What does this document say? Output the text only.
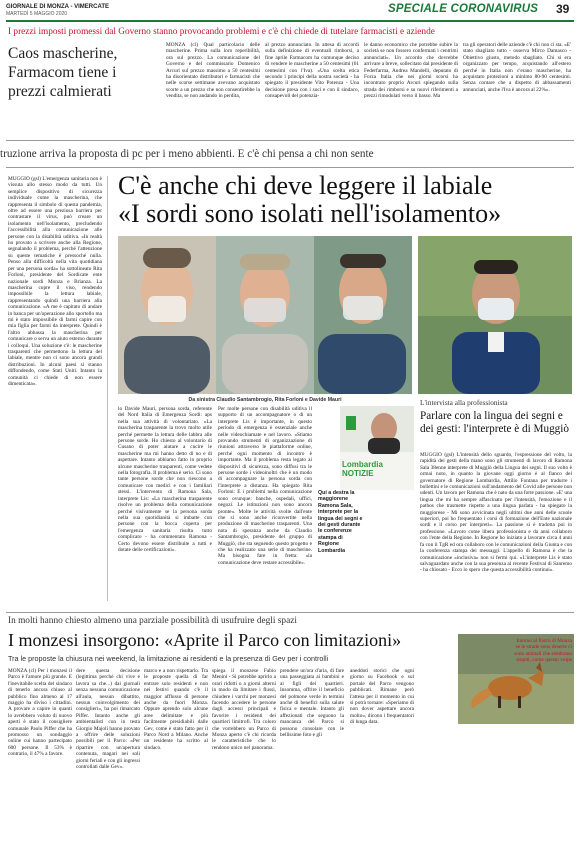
GIORNALE DI MONZA - VIMERCATE
MARTEDÌ 5 MAGGIO 2020	SPECIALE CORONAVIRUS 39
I prezzi imposti promessi dal Governo stanno provocando problemi e c'è chi chiede di tutelare farmacisti e aziende
Caos mascherine, Farmacom tiene i prezzi calmierati
MONZA (cl) Qual particolacio delle mascherine. Prima sulla loro reperibilità, ora sul prezzo. La comunicazione del Governo e del commissario Domenico Arcuri sul prezzo massimo a 50 centesimi ha disorientato distributori e farmacisti che nelle scorse settimane avevano acquistato scorte a un prezzo che non consentirebbe la vendita, se non andando in perdita,
al prezzo annunciato. In attesa di accordi sulla definizione di eventuali rimborsi, a fine aprile Farmacom ha comunque deciso di vendere le mascherine a 50 centesimi (61 centesimi con l'Iva). «Una scelta etica secondo i principi della nostra società - ha spiegato il presidente Vito Potenza - Una decisione presa con i soci e con il sindaco, consapevoli del potenzia-
le danno economico che potrebbe subire la società se non fossero confermati i centrimi annunciati». Un accordo che dovrebbe arrivare a breve, sollecitato dal presidente di Federfarma, Andrea Mandelli, deputato di Forza Italia che nei giorni scorsi ha incontrato proprio Arcuri spiegando sulla strada dei rimborsi e su nuovi riferimenti a prezzi rimodulati verso il basso. Ma
tra gli operatori delle aziende c'è chi non ci sta. «E' stato sbagliato tutto - osserva Mirco Damasco - Obiettivo giusto, metodo sbagliato. Chi si era organizzato per tempo, acquistando all'estero perché in Italia non c'erano mascherine, ha acquistato protezioni a minimo 80-90 centesimi. Senza contare che a dispetto di abbassamenti annunciati, anche l'Iva è ancora al 22%».
truzione arriva la proposta di pc per i meno abbienti. E c'è chi pensa a chi non sente
MUGGIÒ (gsl) L'emergenza sanitaria non è vissuta allo stesso modo da tutti. Un semplice dispositivo di sicurezza individuale come la mascherina, che rappresenta il simbolo di questa pandemia, oltre ad essere una preziosa barriera per contrastare il virus, può creare un isolamento nell'isolamento, precludendo l'accessibilità alla comunicazione alle persone con la disabilità uditiva. «In realtà ho provato a scrivere anche alla Regione, segnalando il problema, perché l'attenzione su queste tematiche è pressoché nulla. Penso alla difficoltà nella vita quotidiana per una persona sorda» ha sottolineato Rita Forloni, presidente del Sordicate ente nazionale sordi Monza e Brianza. La mascherina copre il viso, rendendo impossibile la lettura labiale, rappresentando quindi una barriera alla comunicazione. «A me è capitato di andare in banca per un'operazione allo sportello ma mi è stato impossibile di farmi capire con mia figlia per farmi da interprete. Quindi è l'altro abbassa la mascherina per comunicare o serva un aiuto esterno durante i colloqui. Una soluzione c'è: le mascherine trasparenti che permettono la lettura del labiale, mentre non ci sono ancora grandi distribuzioni. In alcuni paesi si stanno diffondendo, come Stati Uniti. Intanto la comunità ci chiede di non essere dimenticata».
C'è anche chi deve leggere il labiale
«I sordi sono isolati nell'isolamento»
Da sinistra Claudio Santambrogio, Rita Forloni e Davide Mauri
lo Davide Mauri, persona sorda, referente del Nord Italia di Emergenza Sordi: aps nella sua attività di volontariato. «La mascherina trasparente la trovo molto utile perché permette la lettura delle labbra alle persone sorde. Ho chiesto al volontario di Cusano di poter aiutare a cucire le mascherine ma mi hanno detto di no e di aspettare. Intanto abbiamo fatto in proprio alcune mascherine trasparenti, come vedete nella fotografia. Il problema è serio. Ci sono tante persone sorde che non riescono a comunicare con medici e con i familiari stessi. L'intervento di Ramona Sala, interprete Lis: «La mascherina trasparente risolve un problema della comunicazione perché visivamente se la persona sorda nella sua quotidianità si imbatte con persone con la bocca coperta per l'emergenza sanitaria risulta tutto complicato - ha commentato Ramona - Certo devono essere distribuite a tutti e dotate delle certificazioni».
Per molte persone con disabilità uditiva il supporto di un accompagnatore o di un interprete Lis è importante, in questo periodo di emergenza è essenziale anche nelle videochiamate e nel lavoro. «Stiamo provando strumenti di organizzazione di riunioni attraverso le piattaforme online, perché ogni momento di incontro è importante. Ma il problema resta legato ai dispositivi di sicurezza, sono diffusi tra le persone sorde i videoinoltri che è un modo di accompagnare la persona sorda con l'interprete a distanza. Ha spiegato Rita Forloni: E i problemi nella comunicazione sono ovunque: banche, ospedali, uffici, negozi. Le istituzioni non sono ancora pronte». Molte le attività svolte dall'ente che si sono anche riconvertite nella produzione di mascherine trasparenti. Una nota di speranza anche da Claudio Santambrogio, presidente del gruppo di Muggiò, che sta seguendo questo progetto e che ha realizzato una serie di mascherine. Ma bisogna fare in fretta: «la comunicazione deve restare accessibile».
Lombardia NOTIZIE
Qui a destra la maggiorene Ramona Sala, interprete per la lingua dei segni e dei gesti durante le conferenze stampa di Regione Lombardia
L'intervista alla professionista
Parlare con la lingua dei segni e dei gesti: l'interprete è di Muggiò
MUGGIÒ (gsl) L'intensità dello sguardo, l'espressione del volto, la rapidità dei gesti della mano sono gli strumenti di lavoro di Ramona Sala 38enne interprete di Muggiò della Lingua dei segni. Il suo volto è ormai noto, in quanto la giovane oggi giorno è al fianco del governatore di Regione Lombardia, Attilio Fontana per tradurre i bollettini e le comunicazioni sull'andamento del Covid alle persone non udenti. Un lavoro per Ramona che è nato da una forte passione. «E' una lingua che mi ha sempre affascinato per l'intensità, l'emozione e il pathos che trasmette rispetto a una lingua parlata - ha spiegato la muggiorese - Mi sono avvicinata negli ultimi due anni delle scuole superiori, poi ho frequentato i corsi di formazione dell'Ente nazionale sordi e il corso per interpreti». La passione si è tradotta poi in professione. «Lavoro come libera professionista e da anni collaboro con l'ente della Regione. In Regione ho iniziato a lavorare circa 4 anni fa con il TgR ed ora collaboro con le comunicazioni della Giunta e con la conferenza stampa dei messaggi. L'appello di Ramona è che la comunicazione «inclusiva» non si fermi qui. «L'interprete Lis è stato salvaguardato anche con la sua presenza al recente Festival di Sanremo - ha chiosato - Ecco lo spero che questa accessibilità continui».
In molti hanno chiesto almeno una parziale possibilità di usufruire degli spazi
I monzesi insorgono: «Aprite il Parco con limitazioni»
Tra le proposte la chiusura nei weekend, la limitazione ai residenti e la presenza di Gev per i controlli
MONZA (cl) Per i monzesi il Parco è l'amore più grande. E l'inevitabile scelta del sindaco di tenerlo ancora chiuso al pubblico fino almeno al 17 maggio ha diviso i cittadini. A provare a capire in quanti lo avrebbero voluto di nuovo aperti è stato il consigliere comunale Paolo Piffer che ha promosso un sondaggio online cui hanno partecipato 600 persone. Il 53% è contrario, il 47% a favore.
dere questa decisione (legittima perché chi vive e lavora sa che...) dai giornali senza nessuna comunicazione all'aula, nessun dibattito, nessun coinvolgimento dei consiglieri», ha poi rimarcato Piffer. Intanto anche gli ambientalisti con in testa Giorgio Majoli hanno provato a offrire delle soluzioni possibili per il Parco: «Per ripartire con un'apertura contenuta, magari nei soli giorni feriali e con gli ingressi controllati dalle Gev».
marco e a non rispettarlo. Tra le proposte quella di far entrare solo residenti e non nei festivi quando c'è il maggior afflusso di persone anche da fuori Monza. Oppure aprendo solo alcune aree delimitate e più facilmente presidiabili dalle Gev, come è stato fatto per il Parco Nord a Milano. Anche un residente ha scritto al sindaco.
spiega il monzese Fabio Menini - Si potrebbe aprirlo a orari ridotti o a giorni alterni in modo da limitare i flussi, chiudere i varchi per monzesi facendo accedere le persone dagli accessi principali e favorire i residenti dei quartieri limitrofi. Tra coloro che vorrebbero un Parco di Monza aperto c'è chi ricorda le caratteristiche che lo rendono unico nel panorama.
prendere un'ora d'aria, di fare una passeggiata ai bambini e ai figli dei quartieri. Insomma, offrire il beneficio del polmone verde in termini anche di benefici sulla salute fisica e mentale. Intanto gli affezionati che seguono la mancanza del Parco si possono consolare con le bellissime foto e gli
aneddoti storici che ogni giorno su Facebook e sul portale del Parco vengono pubblicati. Rimane però l'attesa per il momento in cui si potrà tornare: «Speriamo di non dover aspettare ancora molto», dicono i frequentatori di lunga data.
Intorno al Parco di Monza se le strade sono deserte ci sono animali che sembrano stupiti, come questo volpe
